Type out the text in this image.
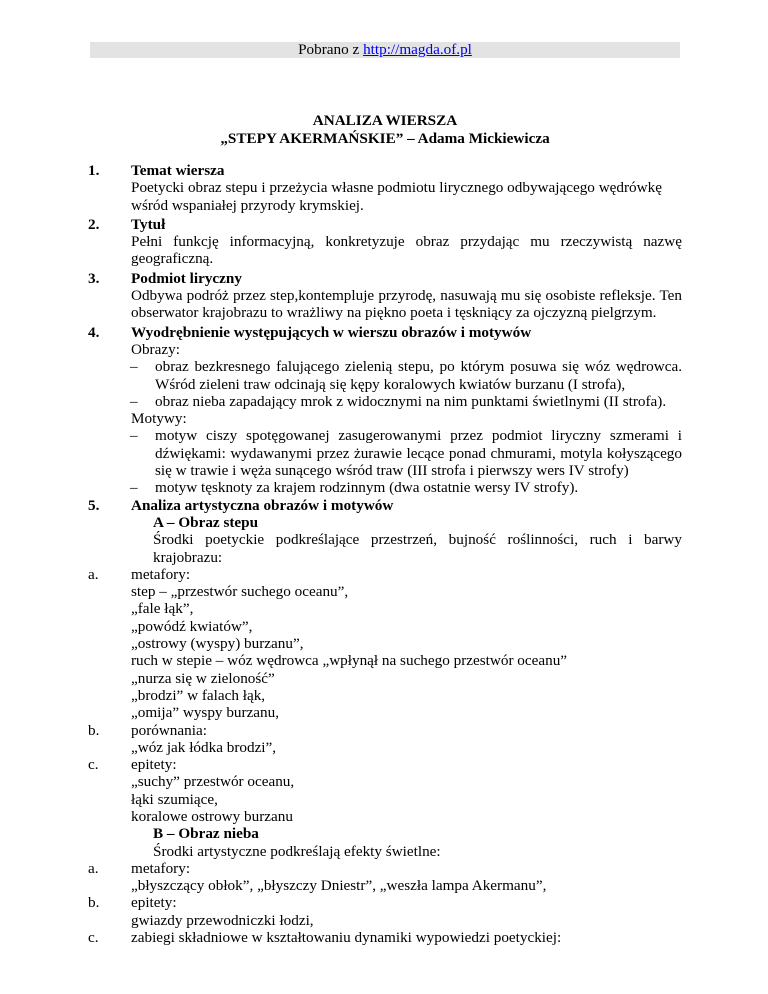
Pobrano z http://magda.of.pl
ANALIZA WIERSZA
„STEPY AKERMAŃSKIE” – Adama Mickiewicza
1. Temat wiersza
Poetycki obraz stepu i przeżycia własne podmiotu lirycznego odbywającego wędrówkę wśród wspaniałej przyrody krymskiej.
2. Tytuł
Pełni funkcję informacyjną, konkretyzuje obraz przydając mu rzeczywistą nazwę geograficzną.
3. Podmiot liryczny
Odbywa podróż przez step,kontempluje przyrodę, nasuwają mu się osobiste refleksje. Ten obserwator krajobrazu to wrażliwy na piękno poeta i tęskniący za ojczyzną pielgrzym.
4. Wyodrębnienie występujących w wierszu obrazów i motywów
Obrazy:
– obraz bezkresnego falującego zielenią stepu, po którym posuwa się wóz wędrowca. Wśród zieleni traw odcinają się kępy koralowych kwiatów burzanu (I strofa),
– obraz nieba zapadający mrok z widocznymi na nim punktami świetlnymi (II strofa).
Motywy:
– motyw ciszy spotęgowanej zasugerowanymi przez podmiot liryczny szmerami i dźwiękami: wydawanymi przez żurawie lecące ponad chmurami, motyla kołyszącego się w trawie i węża sunącego wśród traw (III strofa i pierwszy wers IV strofy)
– motyw tęsknoty za krajem rodzinnym (dwa ostatnie wersy IV strofy).
5. Analiza artystyczna obrazów i motywów
A – Obraz stepu
Środki poetyckie podkreślające przestrzeń, bujność roślinności, ruch i barwy krajobrazu:
a. metafory:
step – „przestwór suchego oceanu”,
„fale łąk”,
„powódź kwiatów”,
„ostrowy (wyspy) burzanu”,
ruch w stepie – wóz wędrowca „wpłynął na suchego przestwór oceanu”
„nurza się w zieloność”
„brodzi” w falach łąk,
„omija” wyspy burzanu,
b. porównania:
„wóz jak łódka brodzi”,
c. epitety:
„suchy” przestwór oceanu,
łąki szumiące,
koralowe ostrowy burzanu
B – Obraz nieba
Środki artystyczne podkreślają efekty świetlne:
a. metafory:
„błyszczący obłok”, „błyszczy Dniestr”, „weszła lampa Akermanu”,
b. epitety:
gwiazdy przewodniczki łodzi,
c. zabiegi składniowe w kształtowaniu dynamiki wypowiedzi poetyckiej:
